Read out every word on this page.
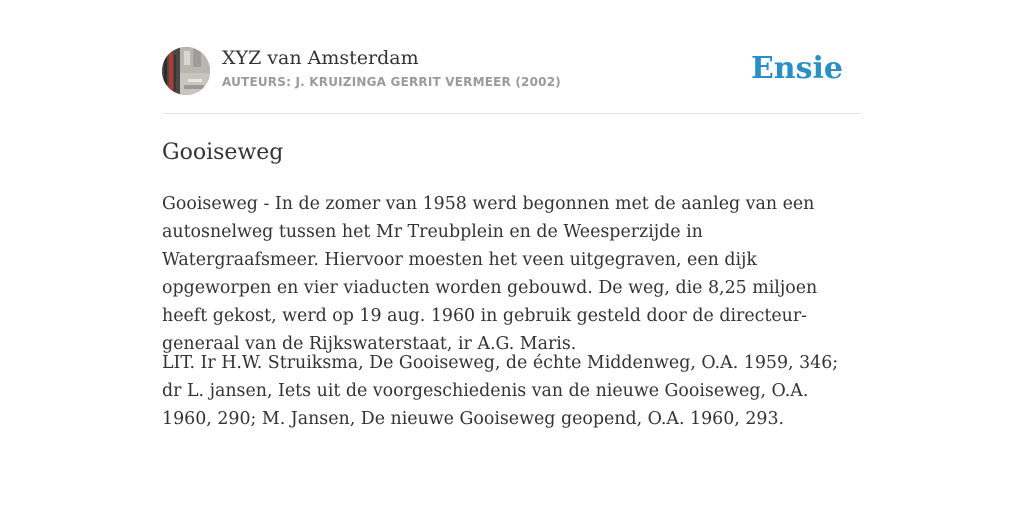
XYZ van Amsterdam
AUTEURS: J. KRUIZINGA GERRIT VERMEER (2002)	Ensie
Gooiseweg

Gooiseweg - In de zomer van 1958 werd begonnen met de aanleg van een autosnelweg tussen het Mr Treubplein en de Weesperzijde in Watergraafsmeer. Hiervoor moesten het veen uitgegraven, een dijk opgeworpen en vier viaducten worden gebouwd. De weg, die 8,25 miljoen heeft gekost, werd op 19 aug. 1960 in gebruik gesteld door de directeur-generaal van de Rijkswaterstaat, ir A.G. Maris.

LIT. Ir H.W. Struiksma, De Gooiseweg, de échte Middenweg, O.A. 1959, 346; dr L. jansen, Iets uit de voorgeschiedenis van de nieuwe Gooiseweg, O.A. 1960, 290; M. Jansen, De nieuwe Gooiseweg geopend, O.A. 1960, 293.
